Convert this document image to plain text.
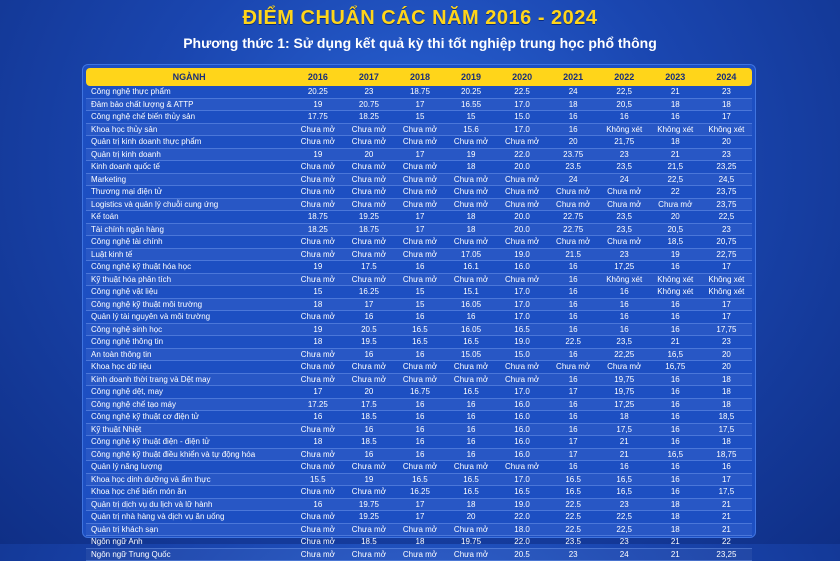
ĐIỂM CHUẨN CÁC NĂM 2016 - 2024
Phương thức 1: Sử dụng kết quả kỳ thi tốt nghiệp trung học phổ thông
NGÀNH	2016	2017	2018	2019	2020	2021	2022	2023	2024
Công nghệ thực phẩm	20.25	23	18.75	20.25	22.5	24	22,5	21	23
Đảm bảo chất lượng & ATTP	19	20.75	17	16.55	17.0	18	20,5	18	18
Công nghệ chế biến thủy sản	17.75	18.25	15	15	15.0	16	16	16	17
Khoa học thủy sản	Chưa mở	Chưa mở	Chưa mở	15.6	17.0	16	Không xét	Không xét	Không xét
Quản trị kinh doanh thực phẩm	Chưa mở	Chưa mở	Chưa mở	Chưa mở	Chưa mở	20	21,75	18	20
Quản trị kinh doanh	19	20	17	19	22.0	23.75	23	21	23
Kinh doanh quốc tế	Chưa mở	Chưa mở	Chưa mở	18	20.0	23.5	23,5	21,5	23,25
Marketing	Chưa mở	Chưa mở	Chưa mở	Chưa mở	Chưa mở	24	24	22,5	24,5
Thương mại điện tử	Chưa mở	Chưa mở	Chưa mở	Chưa mở	Chưa mở	Chưa mở	Chưa mở	22	23,75
Logistics và quản lý chuỗi cung ứng	Chưa mở	Chưa mở	Chưa mở	Chưa mở	Chưa mở	Chưa mở	Chưa mở	Chưa mở	23,75
Kế toán	18.75	19.25	17	18	20.0	22.75	23,5	20	22,5
Tài chính ngân hàng	18.25	18.75	17	18	20.0	22.75	23,5	20,5	23
Công nghệ tài chính	Chưa mở	Chưa mở	Chưa mở	Chưa mở	Chưa mở	Chưa mở	Chưa mở	18,5	20,75
Luật kinh tế	Chưa mở	Chưa mở	Chưa mở	17.05	19.0	21.5	23	19	22,75
Công nghệ kỹ thuật hóa học	19	17.5	16	16.1	16.0	16	17,25	16	17
Kỹ thuật hóa phân tích	Chưa mở	Chưa mở	Chưa mở	Chưa mở	Chưa mở	16	Không xét	Không xét	Không xét
Công nghệ vật liệu	15	16.25	15	15.1	17.0	16	16	Không xét	Không xét
Công nghệ kỹ thuật môi trường	18	17	15	16.05	17.0	16	16	16	17
Quản lý tài nguyên và môi trường	Chưa mở	16	16	16	17.0	16	16	16	17
Công nghệ sinh học	19	20.5	16.5	16.05	16.5	16	16	16	17,75
Công nghệ thông tin	18	19.5	16.5	16.5	19.0	22.5	23,5	21	23
An toàn thông tin	Chưa mở	16	16	15.05	15.0	16	22,25	16,5	20
Khoa học dữ liệu	Chưa mở	Chưa mở	Chưa mở	Chưa mở	Chưa mở	Chưa mở	Chưa mở	16,75	20
Kinh doanh thời trang và Dệt may	Chưa mở	Chưa mở	Chưa mở	Chưa mở	Chưa mở	16	19,75	16	18
Công nghệ dệt, may	17	20	16.75	16.5	17.0	17	19,75	16	18
Công nghệ chế tạo máy	17.25	17.5	16	16	16.0	16	17,25	16	18
Công nghệ kỹ thuật cơ điện tử	16	18.5	16	16	16.0	16	18	16	18,5
Kỹ thuật Nhiệt	Chưa mở	16	16	16	16.0	16	17,5	16	17,5
Công nghệ kỹ thuật điện - điện tử	18	18.5	16	16	16.0	17	21	16	18
Công nghệ kỹ thuật điều khiển và tự động hóa	Chưa mở	16	16	16	16.0	17	21	16,5	18,75
Quản lý năng lượng	Chưa mở	Chưa mở	Chưa mở	Chưa mở	Chưa mở	16	16	16	16
Khoa học dinh dưỡng và ẩm thực	15.5	19	16.5	16.5	17.0	16.5	16,5	16	17
Khoa học chế biến món ăn	Chưa mở	Chưa mở	16.25	16.5	16.5	16.5	16,5	16	17,5
Quản trị dịch vụ du lịch và lữ hành	16	19.75	17	18	19.0	22.5	23	18	21
Quản trị nhà hàng và dịch vụ ăn uống	Chưa mở	19.25	17	20	22.0	22.5	22,5	18	21
Quản trị khách sạn	Chưa mở	Chưa mở	Chưa mở	Chưa mở	18.0	22.5	22,5	18	21
Ngôn ngữ Anh	Chưa mở	18.5	18	19.75	22.0	23.5	23	21	22
Ngôn ngữ Trung Quốc	Chưa mở	Chưa mở	Chưa mở	Chưa mở	20.5	23	24	21	23,25
